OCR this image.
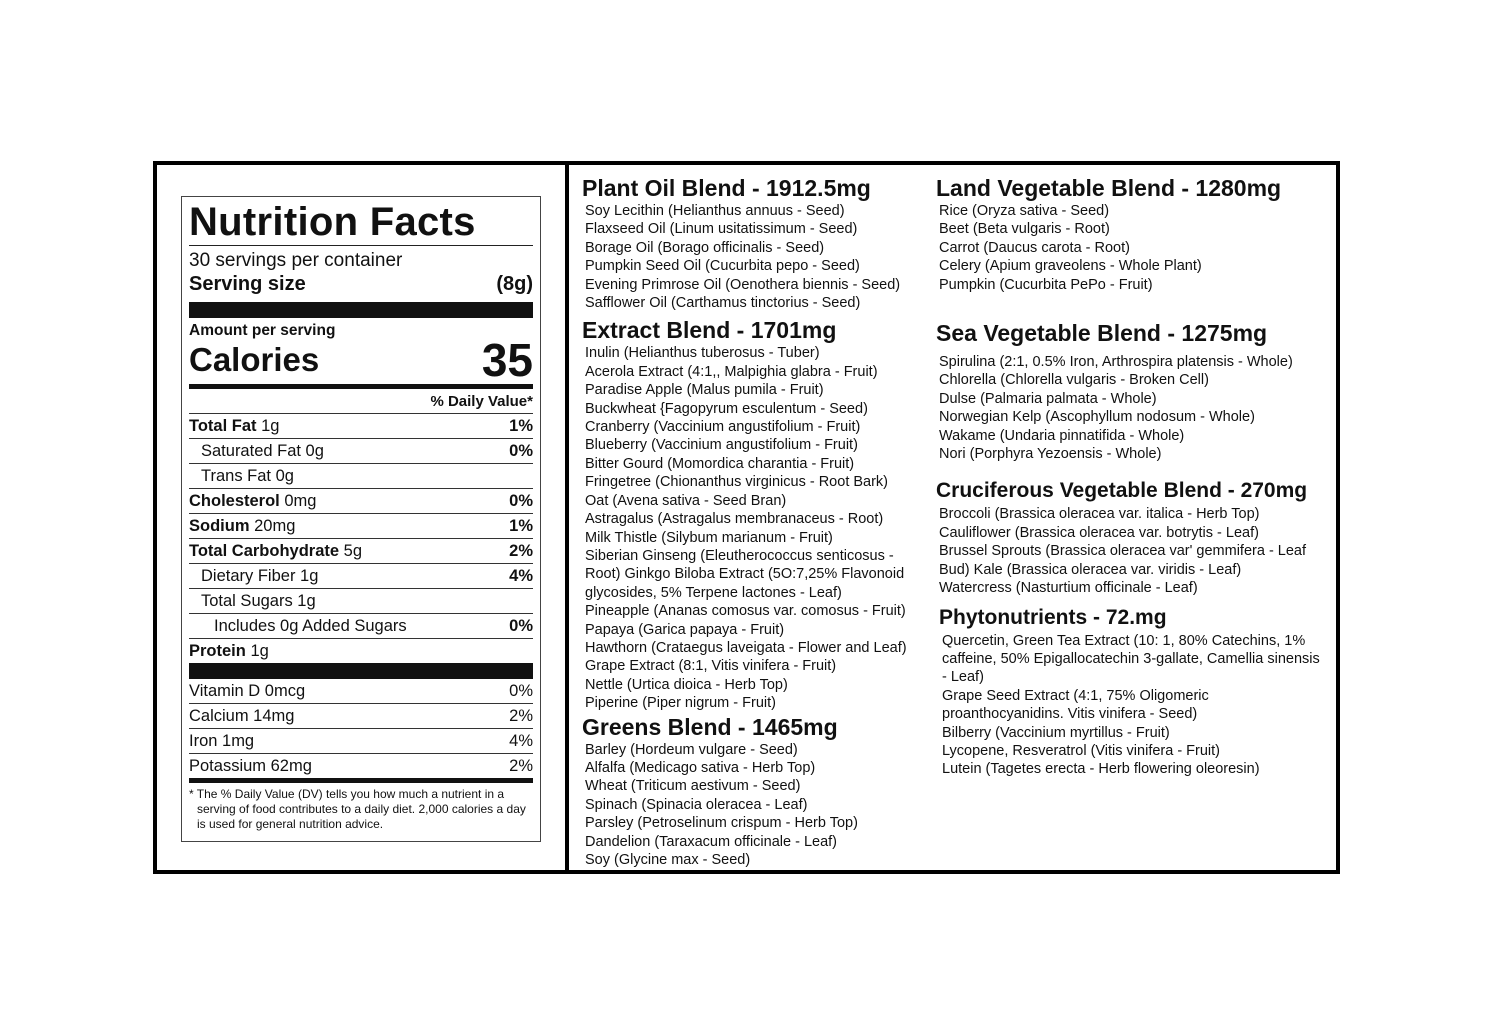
Nutrition Facts
30 servings per container
Serving size	(8g)
Amount per serving
Calories	35
% Daily Value*
Total Fat 1g	1%
Saturated Fat 0g	0%
Trans Fat 0g
Cholesterol 0mg	0%
Sodium 20mg	1%
Total Carbohydrate 5g	2%
Dietary Fiber 1g	4%
Total Sugars 1g
Includes 0g Added Sugars	0%
Protein 1g
Vitamin D 0mcg	0%
Calcium 14mg	2%
Iron 1mg	4%
Potassium 62mg	2%
* The % Daily Value (DV) tells you how much a nutrient in a serving of food contributes to a daily diet. 2,000 calories a day is used for general nutrition advice.
Plant Oil Blend - 1912.5mg
Soy Lecithin (Helianthus annuus - Seed)
Flaxseed Oil (Linum usitatissimum - Seed)
Borage Oil (Borago officinalis - Seed)
Pumpkin Seed Oil (Cucurbita pepo - Seed)
Evening Primrose Oil (Oenothera biennis - Seed)
Safflower Oil (Carthamus tinctorius - Seed)
Extract Blend - 1701mg
Inulin (Helianthus tuberosus - Tuber)
Acerola Extract (4:1,, Malpighia glabra - Fruit)
Paradise Apple (Malus pumila - Fruit)
Buckwheat {Fagopyrum esculentum - Seed)
Cranberry (Vaccinium angustifolium - Fruit)
Blueberry (Vaccinium angustifolium - Fruit)
Bitter Gourd (Momordica charantia - Fruit)
Fringetree (Chionanthus virginicus - Root Bark)
Oat (Avena sativa - Seed Bran)
Astragalus (Astragalus membranaceus - Root)
Milk Thistle (Silybum marianum - Fruit)
Siberian Ginseng (Eleutherococcus senticosus - Root) Ginkgo Biloba Extract (5O:7,25% Flavonoid glycosides, 5% Terpene lactones - Leaf)
Pineapple (Ananas comosus var. comosus - Fruit)
Papaya (Garica papaya - Fruit)
Hawthorn (Crataegus laveigata - Flower and Leaf)
Grape Extract (8:1, Vitis vinifera - Fruit)
Nettle (Urtica dioica - Herb Top)
Piperine (Piper nigrum - Fruit)
Greens Blend - 1465mg
Barley (Hordeum vulgare - Seed)
Alfalfa (Medicago sativa - Herb Top)
Wheat (Triticum aestivum - Seed)
Spinach (Spinacia oleracea - Leaf)
Parsley (Petroselinum crispum - Herb Top)
Dandelion (Taraxacum officinale - Leaf)
Soy (Glycine max - Seed)
Land Vegetable Blend - 1280mg
Rice (Oryza sativa - Seed)
Beet (Beta vulgaris - Root)
Carrot (Daucus carota - Root)
Celery (Apium graveolens - Whole Plant)
Pumpkin (Cucurbita PePo - Fruit)
Sea Vegetable Blend - 1275mg
Spirulina (2:1, 0.5% Iron, Arthrospira platensis - Whole)
Chlorella (Chlorella vulgaris - Broken Cell)
Dulse (Palmaria palmata - Whole)
Norwegian Kelp (Ascophyllum nodosum - Whole)
Wakame (Undaria pinnatifida - Whole)
Nori (Porphyra Yezoensis - Whole)
Cruciferous Vegetable Blend - 270mg
Broccoli (Brassica oleracea var. italica - Herb Top)
Cauliflower (Brassica oleracea var. botrytis - Leaf)
Brussel Sprouts (Brassica oleracea var' gemmifera - Leaf Bud) Kale (Brassica oleracea var. viridis - Leaf)
Watercress (Nasturtium officinale - Leaf)
Phytonutrients - 72.mg
Quercetin, Green Tea Extract (10: 1, 80% Catechins, 1% caffeine, 50% Epigallocatechin 3-gallate, Camellia sinensis - Leaf)
Grape Seed Extract (4:1, 75% Oligomeric proanthocyanidins. Vitis vinifera - Seed)
Bilberry (Vaccinium myrtillus - Fruit)
Lycopene, Resveratrol (Vitis vinifera - Fruit)
Lutein (Tagetes erecta - Herb flowering oleoresin)
